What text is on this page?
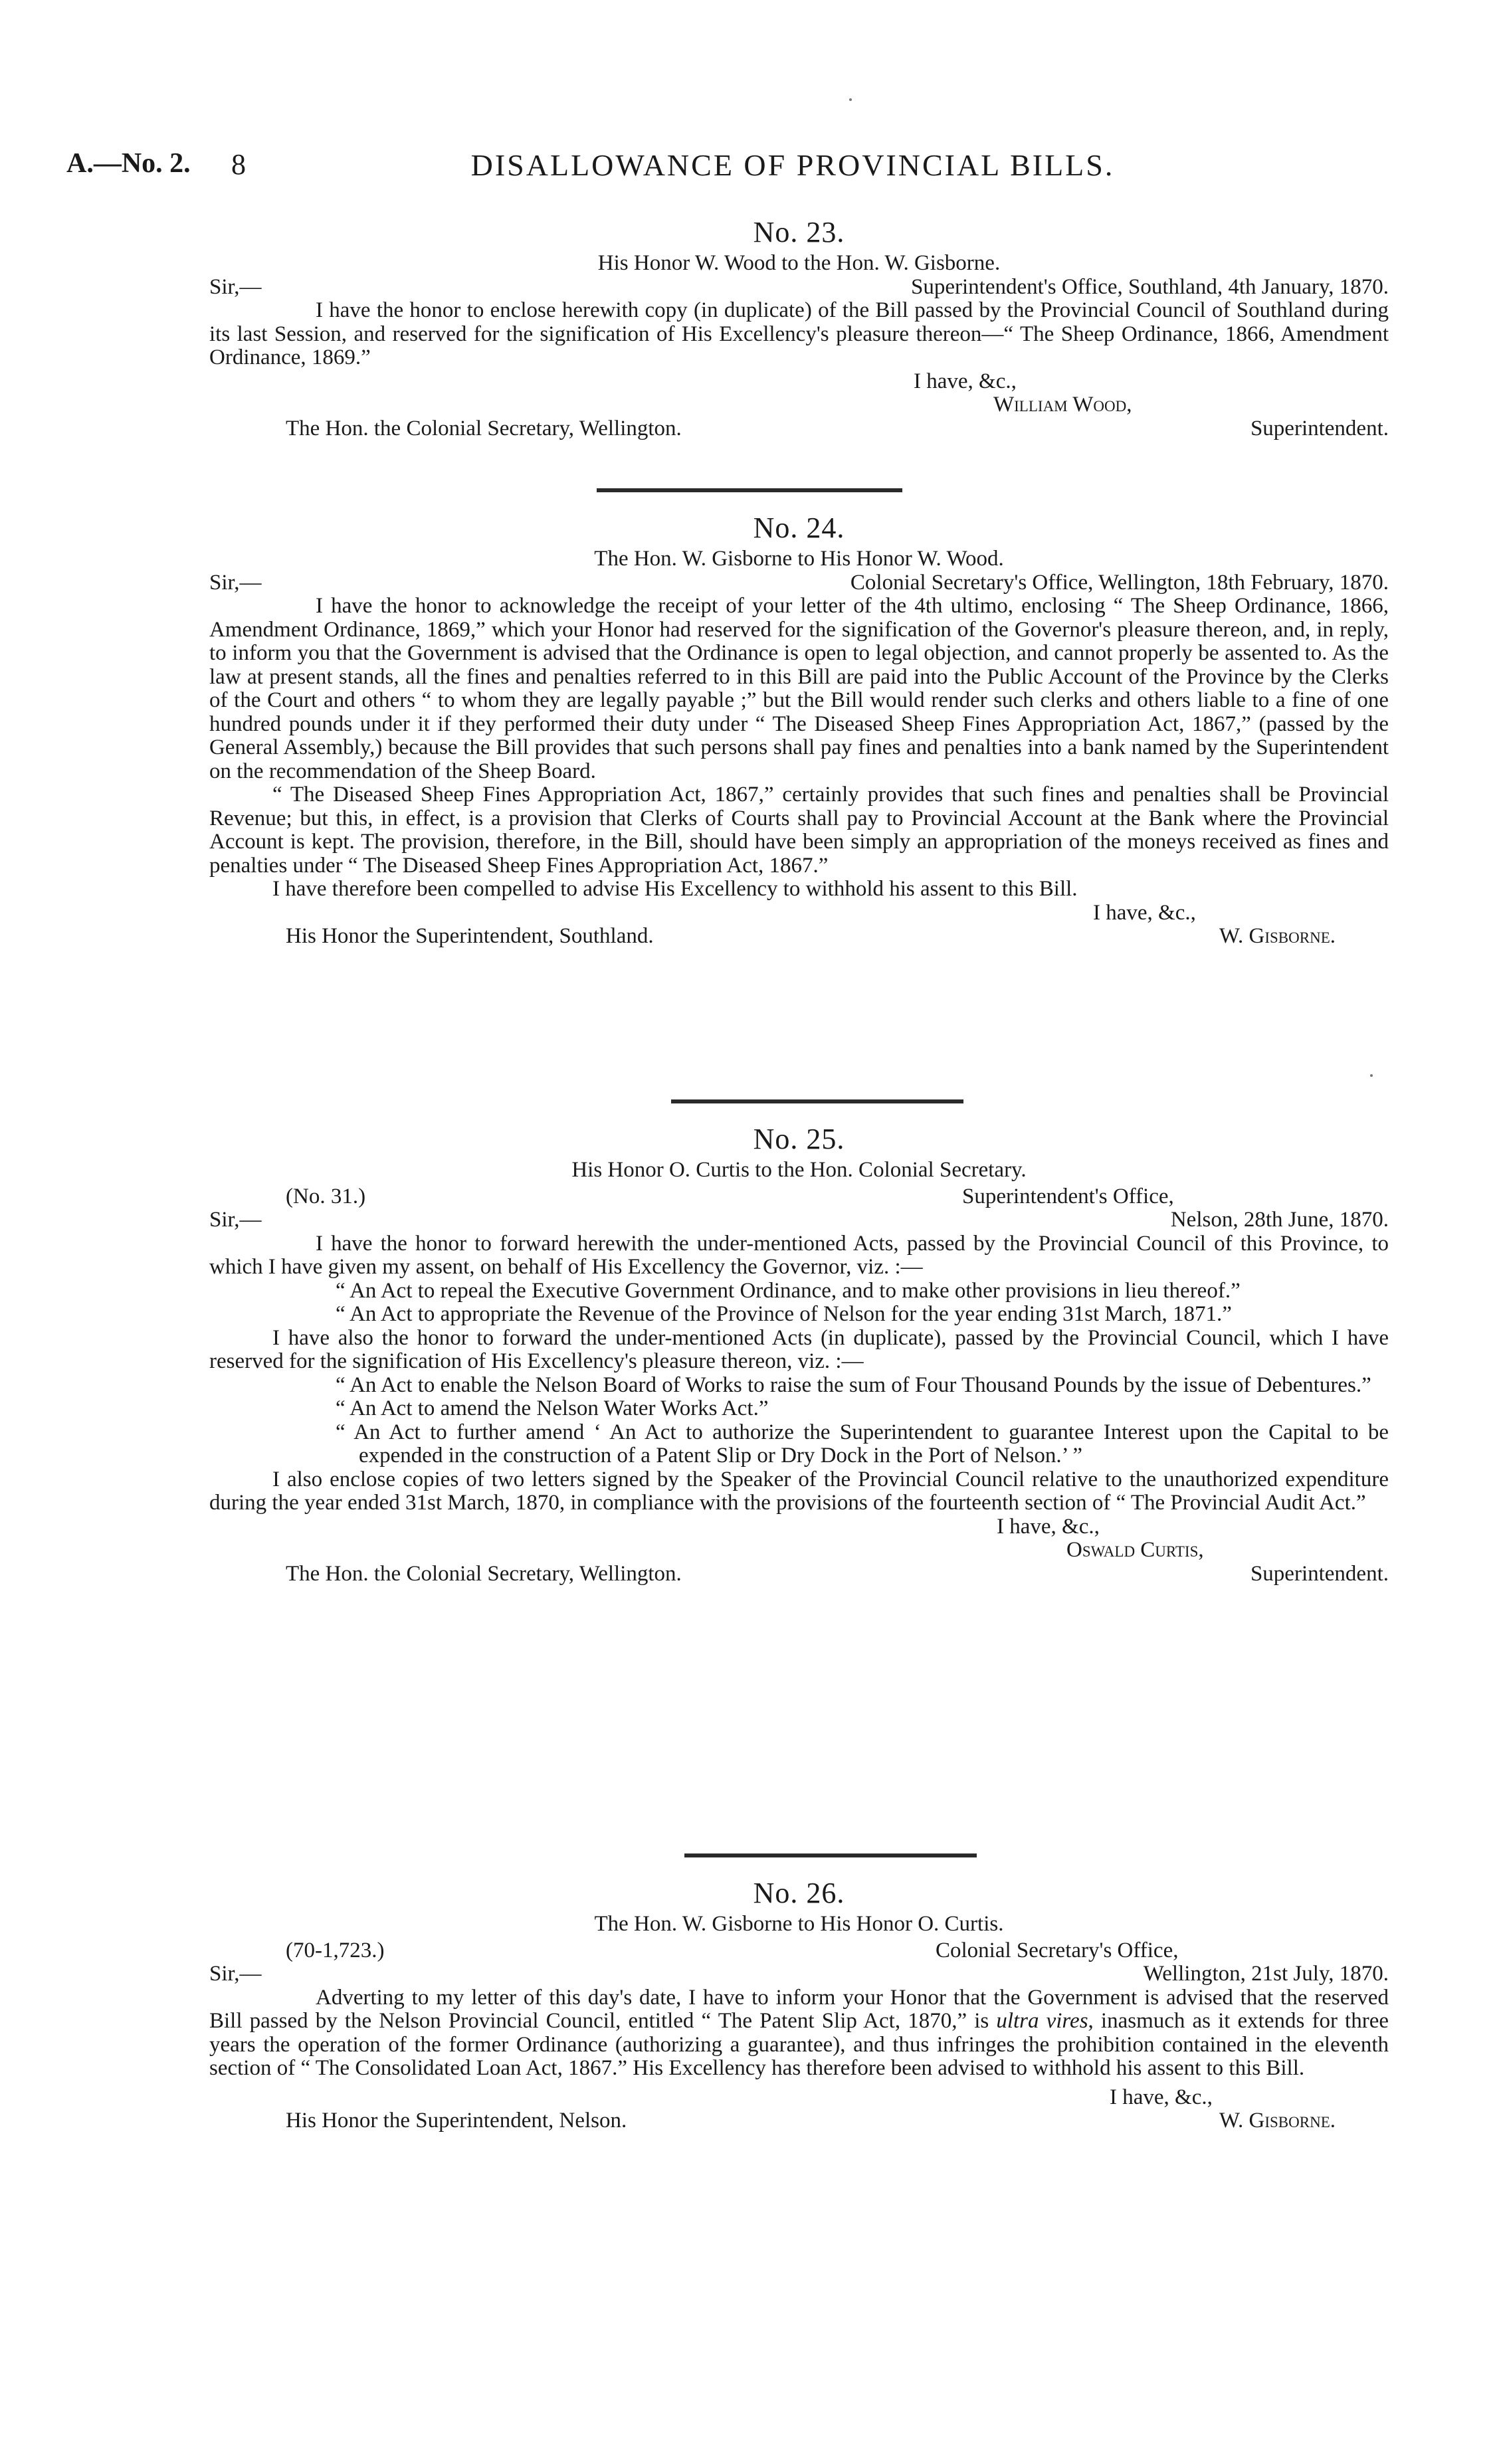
A.—No. 2. 8	DISALLOWANCE OF PROVINCIAL BILLS.
No. 23.
His Honor W. Wood to the Hon. W. Gisborne.
Sir,—	Superintendent's Office, Southland, 4th January, 1870.

I have the honor to enclose herewith copy (in duplicate) of the Bill passed by the Provincial Council of Southland during its last Session, and reserved for the signification of His Excellency's pleasure thereon—“ The Sheep Ordinance, 1866, Amendment Ordinance, 1869.”

I have, &c.,
William Wood,
The Hon. the Colonial Secretary, Wellington.	Superintendent.
No. 24.
The Hon. W. Gisborne to His Honor W. Wood.
Sir,—	Colonial Secretary's Office, Wellington, 18th February, 1870.

I have the honor to acknowledge the receipt of your letter of the 4th ultimo, enclosing “ The Sheep Ordinance, 1866, Amendment Ordinance, 1869,” which your Honor had reserved for the signification of the Governor's pleasure thereon, and, in reply, to inform you that the Government is advised that the Ordinance is open to legal objection, and cannot properly be assented to. As the law at present stands, all the fines and penalties referred to in this Bill are paid into the Public Account of the Province by the Clerks of the Court and others “ to whom they are legally payable ;” but the Bill would render such clerks and others liable to a fine of one hundred pounds under it if they performed their duty under “ The Diseased Sheep Fines Appropriation Act, 1867,” (passed by the General Assembly,) because the Bill provides that such persons shall pay fines and penalties into a bank named by the Superintendent on the recommendation of the Sheep Board.

“ The Diseased Sheep Fines Appropriation Act, 1867,” certainly provides that such fines and penalties shall be Provincial Revenue; but this, in effect, is a provision that Clerks of Courts shall pay to Provincial Account at the Bank where the Provincial Account is kept. The provision, therefore, in the Bill, should have been simply an appropriation of the moneys received as fines and penalties under “ The Diseased Sheep Fines Appropriation Act, 1867.”

I have therefore been compelled to advise His Excellency to withhold his assent to this Bill.

I have, &c.,
His Honor the Superintendent, Southland.	W. Gisborne.
No. 25.
His Honor O. Curtis to the Hon. Colonial Secretary.
(No. 31.)	Superintendent's Office,
Sir,—	Nelson, 28th June, 1870.

I have the honor to forward herewith the under-mentioned Acts, passed by the Provincial Council of this Province, to which I have given my assent, on behalf of His Excellency the Governor, viz. :—

“ An Act to repeal the Executive Government Ordinance, and to make other provisions in lieu thereof.”

“ An Act to appropriate the Revenue of the Province of Nelson for the year ending 31st March, 1871.”

I have also the honor to forward the under-mentioned Acts (in duplicate), passed by the Provincial Council, which I have reserved for the signification of His Excellency's pleasure thereon, viz. :—

“ An Act to enable the Nelson Board of Works to raise the sum of Four Thousand Pounds by the issue of Debentures.”

“ An Act to amend the Nelson Water Works Act.”

“ An Act to further amend ‘ An Act to authorize the Superintendent to guarantee Interest upon the Capital to be expended in the construction of a Patent Slip or Dry Dock in the Port of Nelson.’ ”

I also enclose copies of two letters signed by the Speaker of the Provincial Council relative to the unauthorized expenditure during the year ended 31st March, 1870, in compliance with the provisions of the fourteenth section of “ The Provincial Audit Act.”

I have, &c.,
Oswald Curtis,
The Hon. the Colonial Secretary, Wellington.	Superintendent.
No. 26.
The Hon. W. Gisborne to His Honor O. Curtis.
(70-1,723.)	Colonial Secretary's Office,
Sir,—	Wellington, 21st July, 1870.

Adverting to my letter of this day's date, I have to inform your Honor that the Government is advised that the reserved Bill passed by the Nelson Provincial Council, entitled “ The Patent Slip Act, 1870,” is ultra vires, inasmuch as it extends for three years the operation of the former Ordinance (authorizing a guarantee), and thus infringes the prohibition contained in the eleventh section of “ The Consolidated Loan Act, 1867.” His Excellency has therefore been advised to withhold his assent to this Bill.

I have, &c.,
His Honor the Superintendent, Nelson.	W. Gisborne.
